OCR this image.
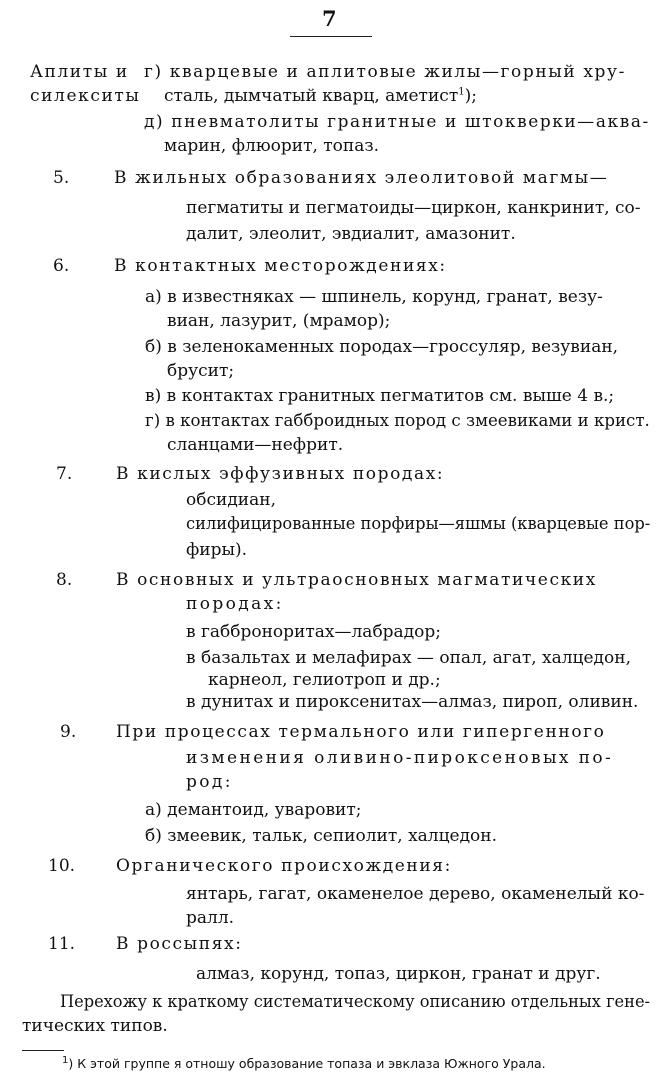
7
Аплиты и
силекситы
г) кварцевые и аплитовые жилы—горный хру-
сталь, дымчатый кварц, аметист$^1$);
д) пневматолиты гранитные и штокверки—аква-
марин, флюорит, топаз.
5.	В жильных образованиях элеолитовой магмы—
пегматиты и пегматоиды—циркон, канкринит, со-
далит, элеолит, эвдиалит, амазонит.
6.	В контактных месторождениях:
а) в известняках — шпинель, корунд, гранат, везу-
виан, лазурит, (мрамор);
б) в зеленокаменных породах—гроссуляр, везувиан,
брусит;
в) в контактах гранитных пегматитов см. выше 4 в.;
г) в контактах габброидных пород с змеевиками и крист.
сланцами—нефрит.
7.	В кислых эффузивных породах:
обсидиан,
силифицированные порфиры—яшмы (кварцевые пор-
фиры).
8.	В основных и ультраосновных магматических
породах:
в габброноритах—лабрадор;
в базальтах и мелафирах — опал, агат, халцедон,
карнеол, гелиотроп и др.;
в дунитах и пироксенитах—алмаз, пироп, оливин.
9. При процессах термального или гипергенного
изменения оливино-пироксеновых по-
род:
а) демантоид, уваровит;
б) змеевик, тальк, сепиолит, халцедон.
10. Органического происхождения:
янтарь, гагат, окаменелое дерево, окаменелый ко-
ралл.
11. В россыпях:
алмаз, корунд, топаз, циркон, гранат и друг.
Перехожу к краткому систематическому описанию отдельных генe-
тических типов.
$^1$) К этой группе я отношу образование топаза и эвклаза Южного Урала.
